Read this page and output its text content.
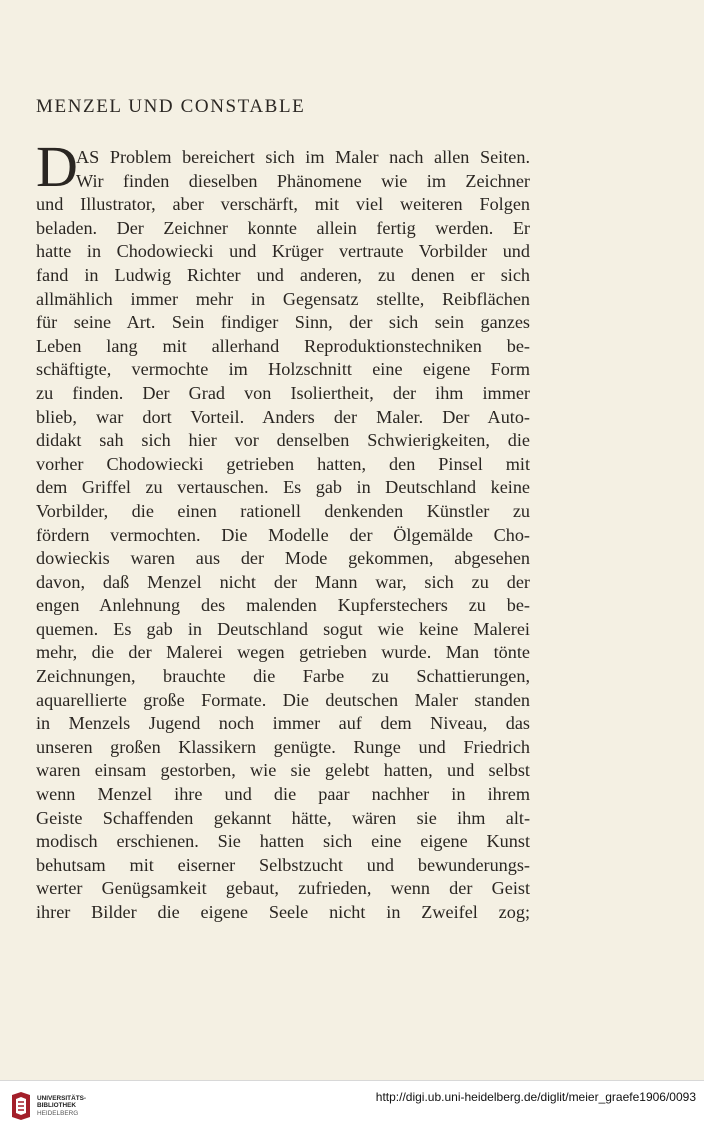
MENZEL UND CONSTABLE
D
AS Problem bereichert sich im Maler nach allen Seiten.
Wir finden dieselben Phänomene wie im Zeichner
und Illustrator, aber verschärft, mit viel weiteren Folgen
beladen. Der Zeichner konnte allein fertig werden. Er
hatte in Chodowiecki und Krüger vertraute Vorbilder und
fand in Ludwig Richter und anderen, zu denen er sich
allmählich immer mehr in Gegensatz stellte, Reibflächen
für seine Art. Sein findiger Sinn, der sich sein ganzes
Leben lang mit allerhand Reproduktionstechniken be-
schäftigte, vermochte im Holzschnitt eine eigene Form
zu finden. Der Grad von Isoliertheit, der ihm immer
blieb, war dort Vorteil. Anders der Maler. Der Auto-
didakt sah sich hier vor denselben Schwierigkeiten, die
vorher Chodowiecki getrieben hatten, den Pinsel mit
dem Griffel zu vertauschen. Es gab in Deutschland keine
Vorbilder, die einen rationell denkenden Künstler zu
fördern vermochten. Die Modelle der Ölgemälde Cho-
dowieckis waren aus der Mode gekommen, abgesehen
davon, daß Menzel nicht der Mann war, sich zu der
engen Anlehnung des malenden Kupferstechers zu be-
quemen. Es gab in Deutschland sogut wie keine Malerei
mehr, die der Malerei wegen getrieben wurde. Man tönte
Zeichnungen, brauchte die Farbe zu Schattierungen,
aquarellierte große Formate. Die deutschen Maler standen
in Menzels Jugend noch immer auf dem Niveau, das
unseren großen Klassikern genügte. Runge und Friedrich
waren einsam gestorben, wie sie gelebt hatten, und selbst
wenn Menzel ihre und die paar nachher in ihrem
Geiste Schaffenden gekannt hätte, wären sie ihm alt-
modisch erschienen. Sie hatten sich eine eigene Kunst
behutsam mit eiserner Selbstzucht und bewunderungs-
werter Genügsamkeit gebaut, zufrieden, wenn der Geist
ihrer Bilder die eigene Seele nicht in Zweifel zog;
UNIVERSITÄTS-
BIBLIOTHEK
HEIDELBERG
http://digi.ub.uni-heidelberg.de/diglit/meier_graefe1906/0093
